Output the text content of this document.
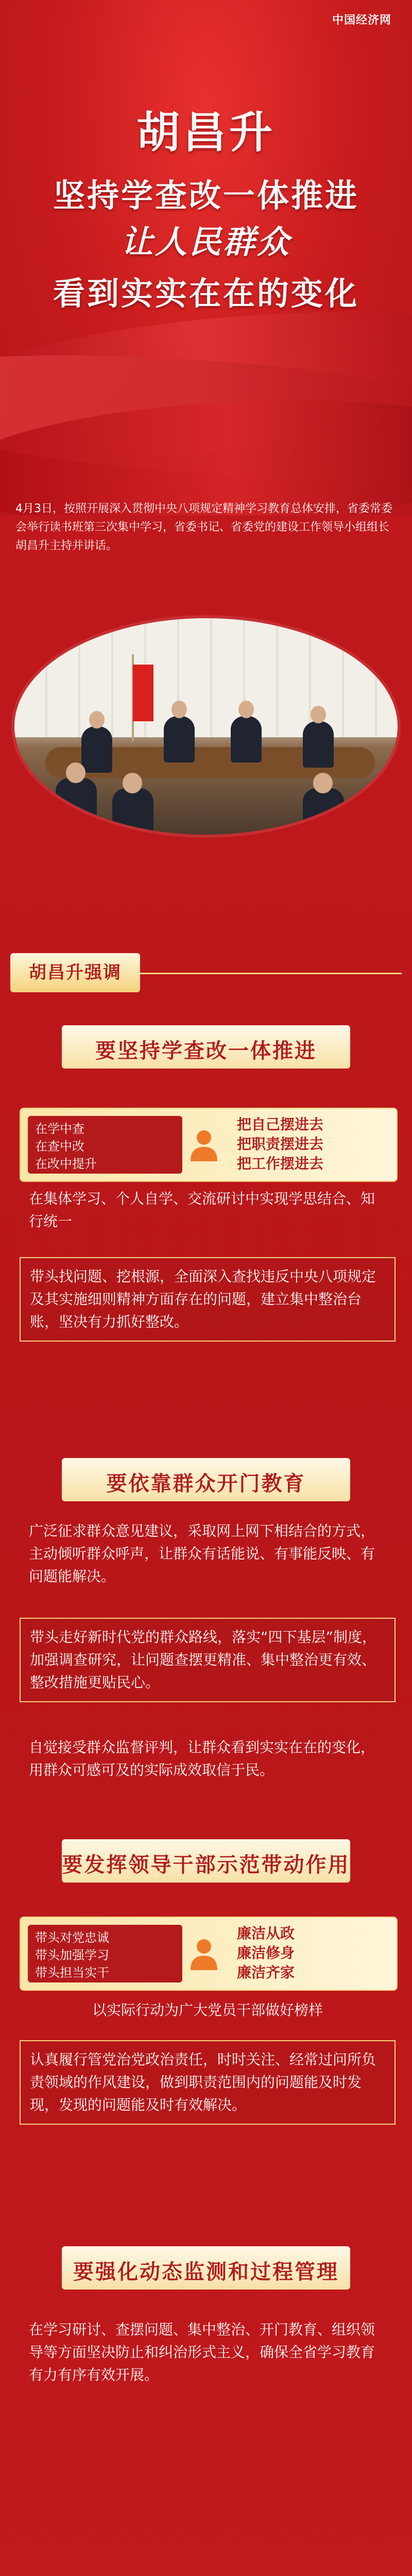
中国经济网
胡昌升
坚持学查改一体推进
让人民群众
看到实实在在的变化
4月3日，按照开展深入贯彻中央八项规定精神学习教育总体安排，省委常委会举行读书班第三次集中学习，省委书记、省委党的建设工作领导小组组长胡昌升主持并讲话。
胡昌升强调
要坚持学查改一体推进
在学中查
在查中改
在改中提升
把自己摆进去
把职责摆进去
把工作摆进去
在集体学习、个人自学、交流研讨中实现学思结合、知行统一
带头找问题、挖根源，全面深入查找违反中央八项规定及其实施细则精神方面存在的问题，建立集中整治台账，坚决有力抓好整改。
要依靠群众开门教育
广泛征求群众意见建议，采取网上网下相结合的方式，主动倾听群众呼声，让群众有话能说、有事能反映、有问题能解决。
带头走好新时代党的群众路线，落实“四下基层”制度，加强调查研究，让问题查摆更精准、集中整治更有效、整改措施更贴民心。
自觉接受群众监督评判，让群众看到实实在在的变化，用群众可感可及的实际成效取信于民。
要发挥领导干部示范带动作用
带头对党忠诚
带头加强学习
带头担当实干
廉洁从政
廉洁修身
廉洁齐家
以实际行动为广大党员干部做好榜样
认真履行管党治党政治责任，时时关注、经常过问所负责领域的作风建设，做到职责范围内的问题能及时发现，发现的问题能及时有效解决。
要强化动态监测和过程管理
在学习研讨、查摆问题、集中整治、开门教育、组织领导等方面坚决防止和纠治形式主义，确保全省学习教育有力有序有效开展。
